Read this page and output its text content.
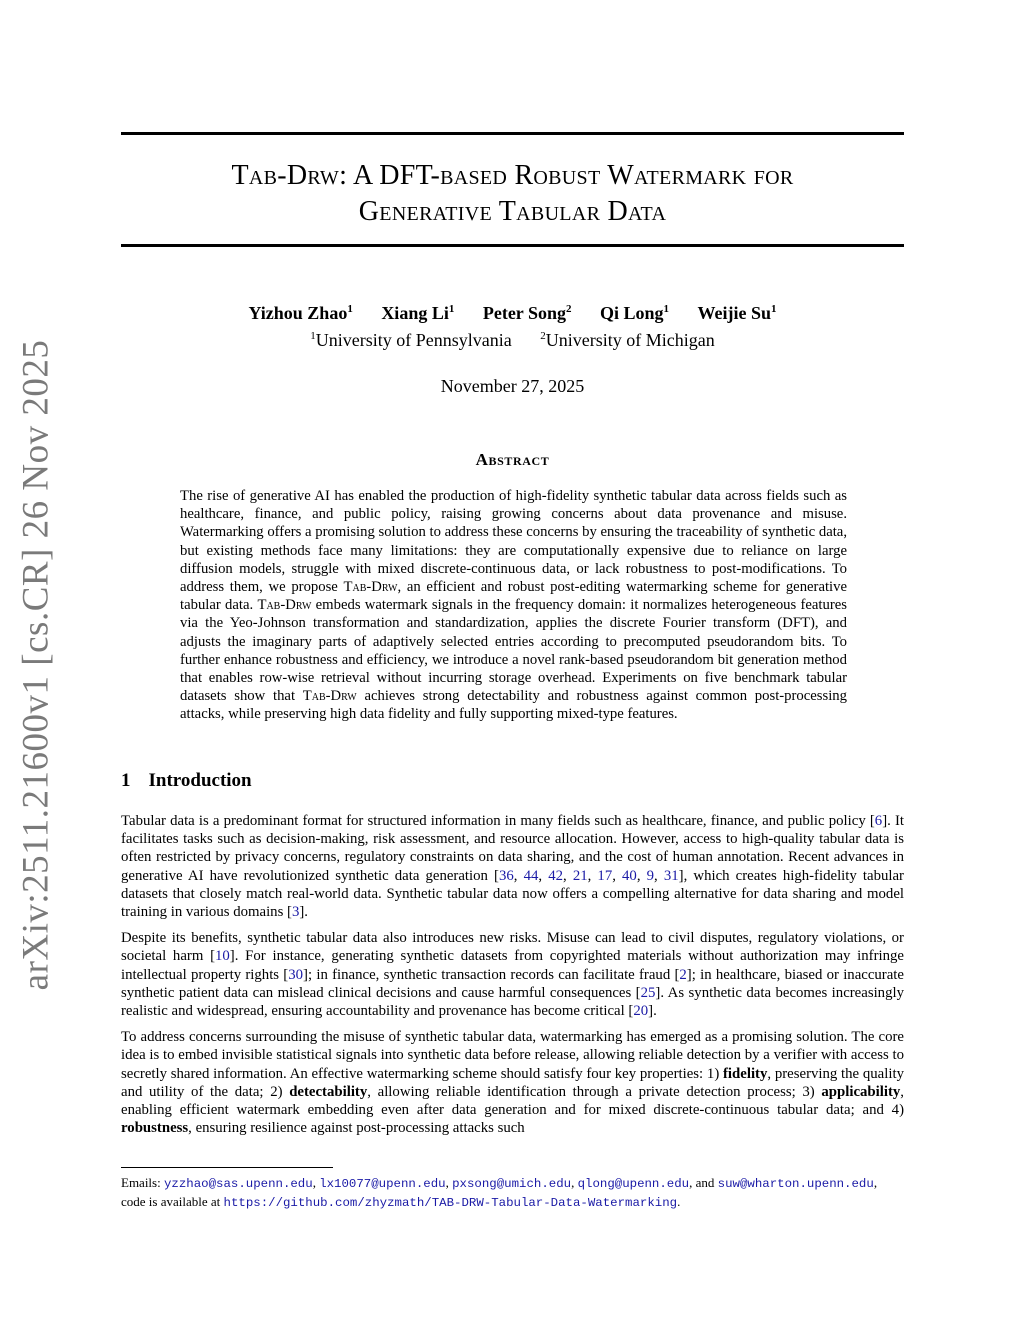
arXiv:2511.21600v1 [cs.CR] 26 Nov 2025
Tab-Drw: A DFT-based Robust Watermark for
Generative Tabular Data
Yizhou Zhao$^1$ Xiang Li$^1$ Peter Song$^2$ Qi Long$^1$ Weijie Su$^1$
$^1$University of Pennsylvania	$^2$University of Michigan
November 27, 2025
Abstract
The rise of generative AI has enabled the production of high-fidelity synthetic tabular data across fields such as healthcare, finance, and public policy, raising growing concerns about data provenance and misuse. Watermarking offers a promising solution to address these concerns by ensuring the traceability of synthetic data, but existing methods face many limitations: they are computationally expensive due to reliance on large diffusion models, struggle with mixed discrete-continuous data, or lack robustness to post-modifications. To address them, we propose Tab-Drw, an efficient and robust post-editing watermarking scheme for generative tabular data. Tab-Drw embeds watermark signals in the frequency domain: it normalizes heterogeneous features via the Yeo-Johnson transformation and standardization, applies the discrete Fourier transform (DFT), and adjusts the imaginary parts of adaptively selected entries according to precomputed pseudorandom bits. To further enhance robustness and efficiency, we introduce a novel rank-based pseudorandom bit generation method that enables row-wise retrieval without incurring storage overhead. Experiments on five benchmark tabular datasets show that Tab-Drw achieves strong detectability and robustness against common post-processing attacks, while preserving high data fidelity and fully supporting mixed-type features.
1 Introduction

Tabular data is a predominant format for structured information in many fields such as healthcare, finance, and public policy [6]. It facilitates tasks such as decision-making, risk assessment, and resource allocation. However, access to high-quality tabular data is often restricted by privacy concerns, regulatory constraints on data sharing, and the cost of human annotation. Recent advances in generative AI have revolutionized synthetic data generation [36, 44, 42, 21, 17, 40, 9, 31], which creates high-fidelity tabular datasets that closely match real-world data. Synthetic tabular data now offers a compelling alternative for data sharing and model training in various domains [3].

Despite its benefits, synthetic tabular data also introduces new risks. Misuse can lead to civil disputes, regulatory violations, or societal harm [10]. For instance, generating synthetic datasets from copyrighted materials without authorization may infringe intellectual property rights [30]; in finance, synthetic transaction records can facilitate fraud [2]; in healthcare, biased or inaccurate synthetic patient data can mislead clinical decisions and cause harmful consequences [25]. As synthetic data becomes increasingly realistic and widespread, ensuring accountability and provenance has become critical [20].

To address concerns surrounding the misuse of synthetic tabular data, watermarking has emerged as a promising solution. The core idea is to embed invisible statistical signals into synthetic data before release, allowing reliable detection by a verifier with access to secretly shared information. An effective watermarking scheme should satisfy four key properties: 1) fidelity, preserving the quality and utility of the data; 2) detectability, allowing reliable identification through a private detection process; 3) applicability, enabling efficient watermark embedding even after data generation and for mixed discrete-continuous tabular data; and 4) robustness, ensuring resilience against post-processing attacks such

Emails: yzzhao@sas.upenn.edu, lx10077@upenn.edu, pxsong@umich.edu, qlong@upenn.edu, and suw@wharton.upenn.edu, code is available at https://github.com/zhyzmath/TAB-DRW-Tabular-Data-Watermarking.
